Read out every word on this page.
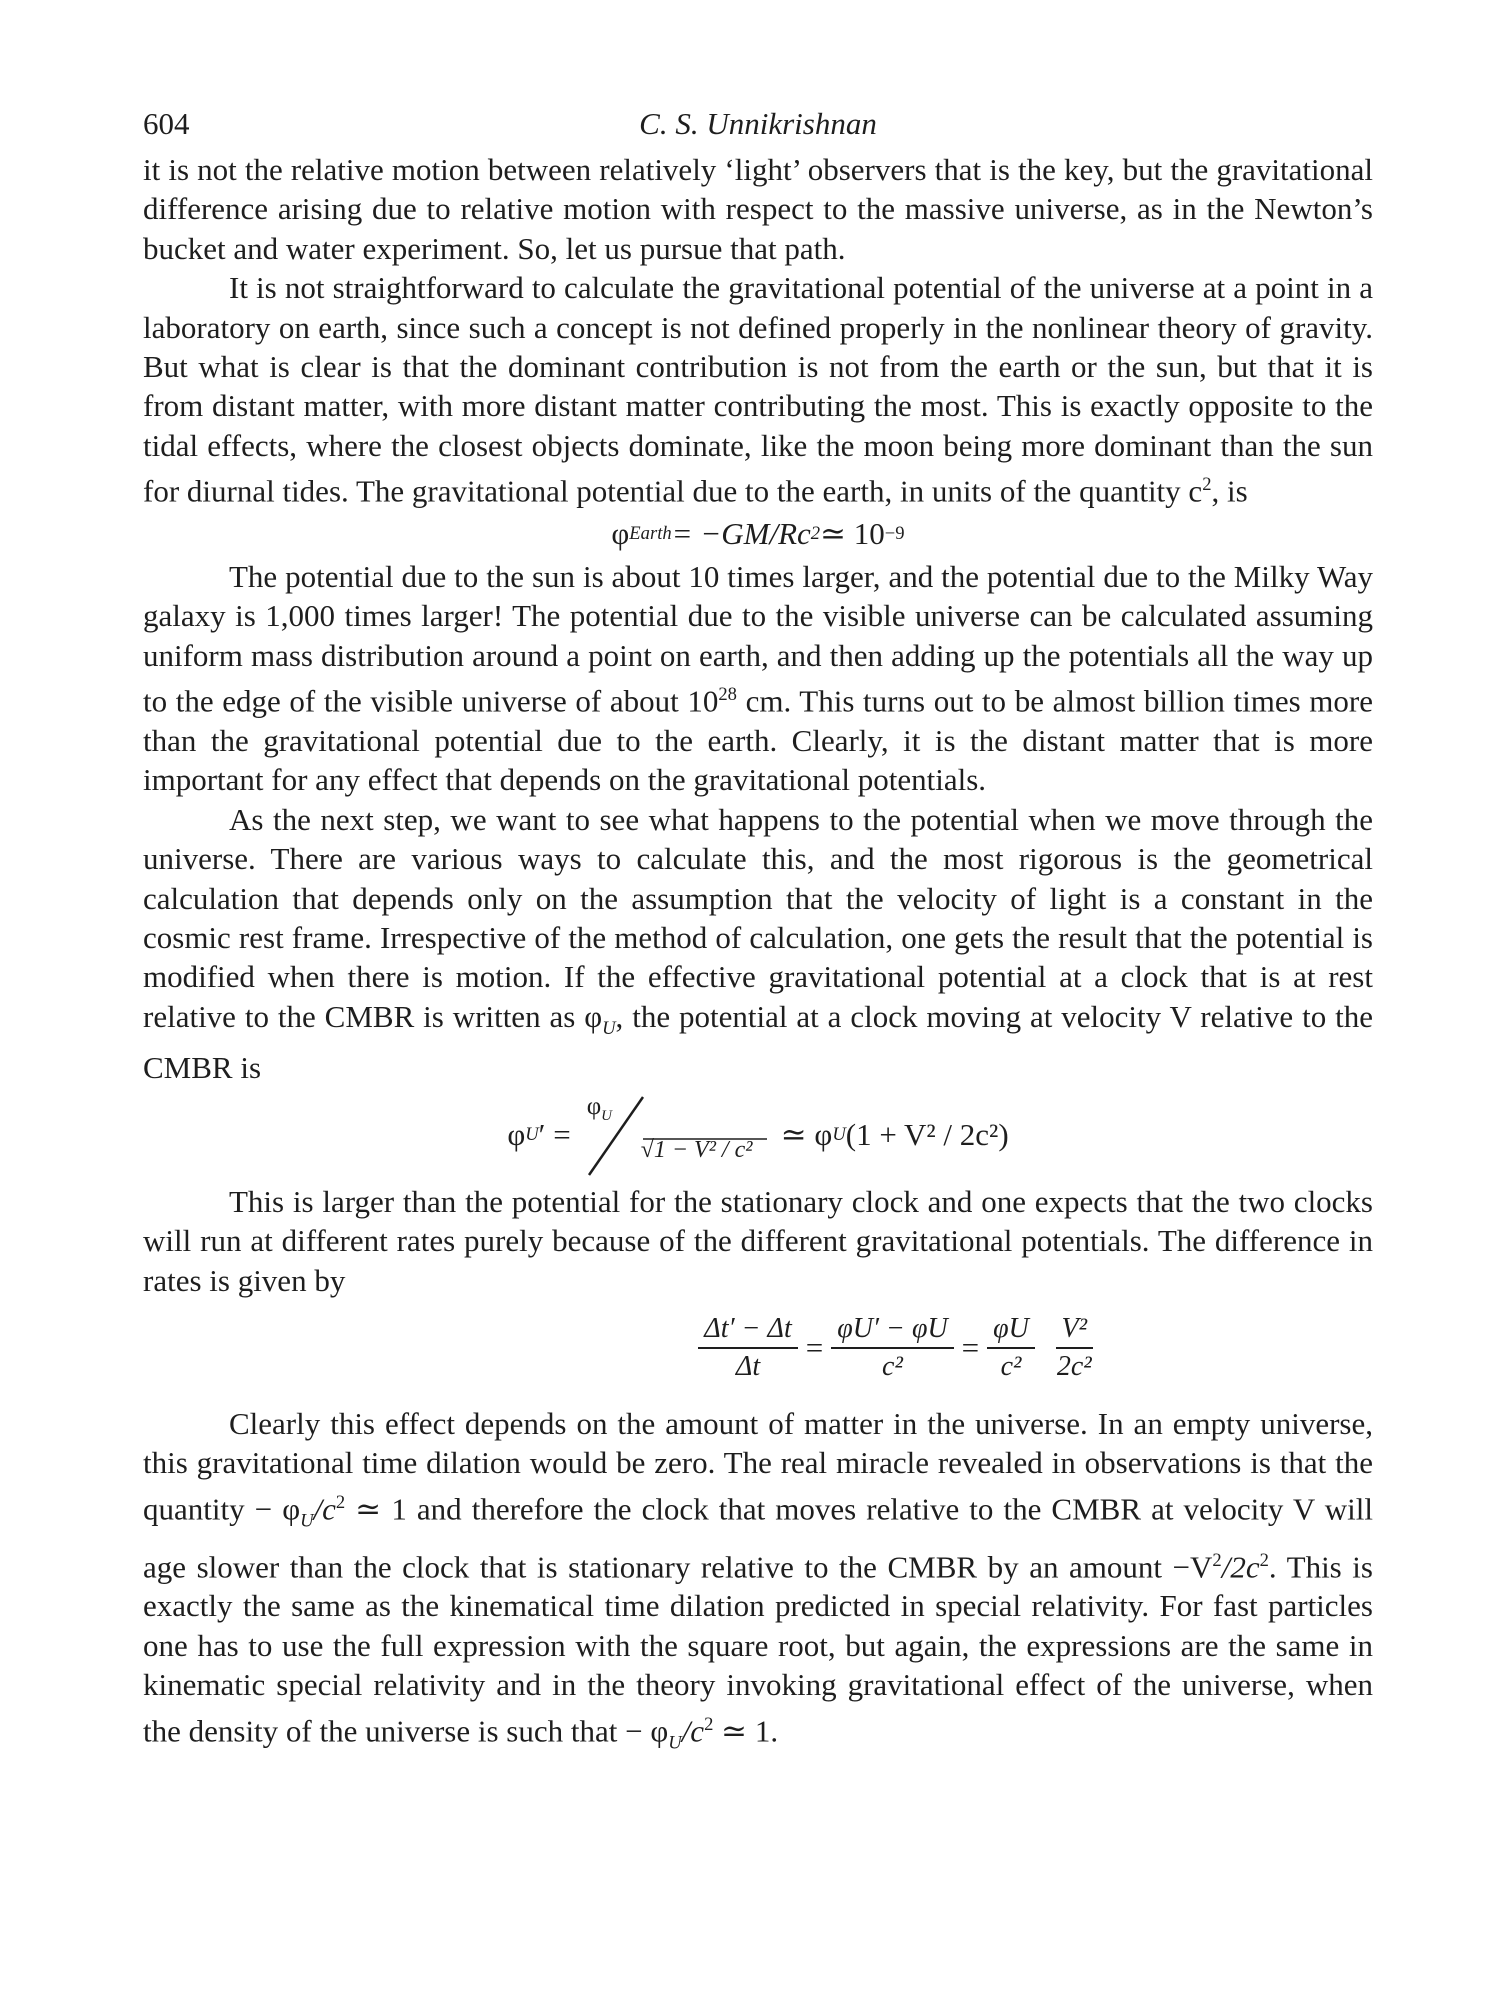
604	C. S. Unnikrishnan

it is not the relative motion between relatively ‘light’ observers that is the key, but the gravitational difference arising due to relative motion with respect to the massive universe, as in the Newton’s bucket and water experiment. So, let us pursue that path.

It is not straightforward to calculate the gravitational potential of the universe at a point in a laboratory on earth, since such a concept is not defined properly in the nonlinear theory of gravity. But what is clear is that the dominant contribution is not from the earth or the sun, but that it is from distant matter, with more distant matter contributing the most. This is exactly opposite to the tidal effects, where the closest objects dominate, like the moon being more dominant than the sun for diurnal tides. The gravitational potential due to the earth, in units of the quantity $c^2$, is

φ Earth = −GM/Rc 2 ≃ 10 −9

The potential due to the sun is about 10 times larger, and the potential due to the Milky Way galaxy is 1,000 times larger! The potential due to the visible universe can be calculated assuming uniform mass distribution around a point on earth, and then adding up the potentials all the way up to the edge of the visible universe of about $10^{28}$ cm. This turns out to be almost billion times more than the gravitational potential due to the earth. Clearly, it is the distant matter that is more important for any effect that depends on the gravitational potentials.

As the next step, we want to see what happens to the potential when we move through the universe. There are various ways to calculate this, and the most rigorous is the geometrical calculation that depends only on the assumption that the velocity of light is a constant in the cosmic rest frame. Irrespective of the method of calculation, one gets the result that the potential is modified when there is motion. If the effective gravitational potential at a clock that is at rest relative to the CMBR is written as $\varphi_U$, the potential at a clock moving at velocity V relative to the CMBR is

φ U ′ =
$\varphi_U$
√1 − V² / c² ≃ φ U (1 + V² / 2c²)

This is larger than the potential for the stationary clock and one expects that the two clocks will run at different rates purely because of the different gravitational potentials. The difference in rates is given by

$\frac{\Delta t' - \Delta t}{\Delta t} = \frac{\varphi U' - \varphi U}{\text{c²}} = \frac{\varphi U}{\text{c²}} \frac{\text{V²}}{\text{2c²}}$

Clearly this effect depends on the amount of matter in the universe. In an empty universe, this gravitational time dilation would be zero. The real miracle revealed in observations is that the quantity − $\varphi_U/c^2$ ≃ 1 and therefore the clock that moves relative to the CMBR at velocity V will age slower than the clock that is stationary relative to the CMBR by an amount $-V^2/2c^2$. This is exactly the same as the kinematical time dilation predicted in special relativity. For fast particles one has to use the full expression with the square root, but again, the expressions are the same in kinematic special relativity and in the theory invoking gravitational effect of the universe, when the density of the universe is such that − $\varphi_U/c^2$ ≃ 1.
